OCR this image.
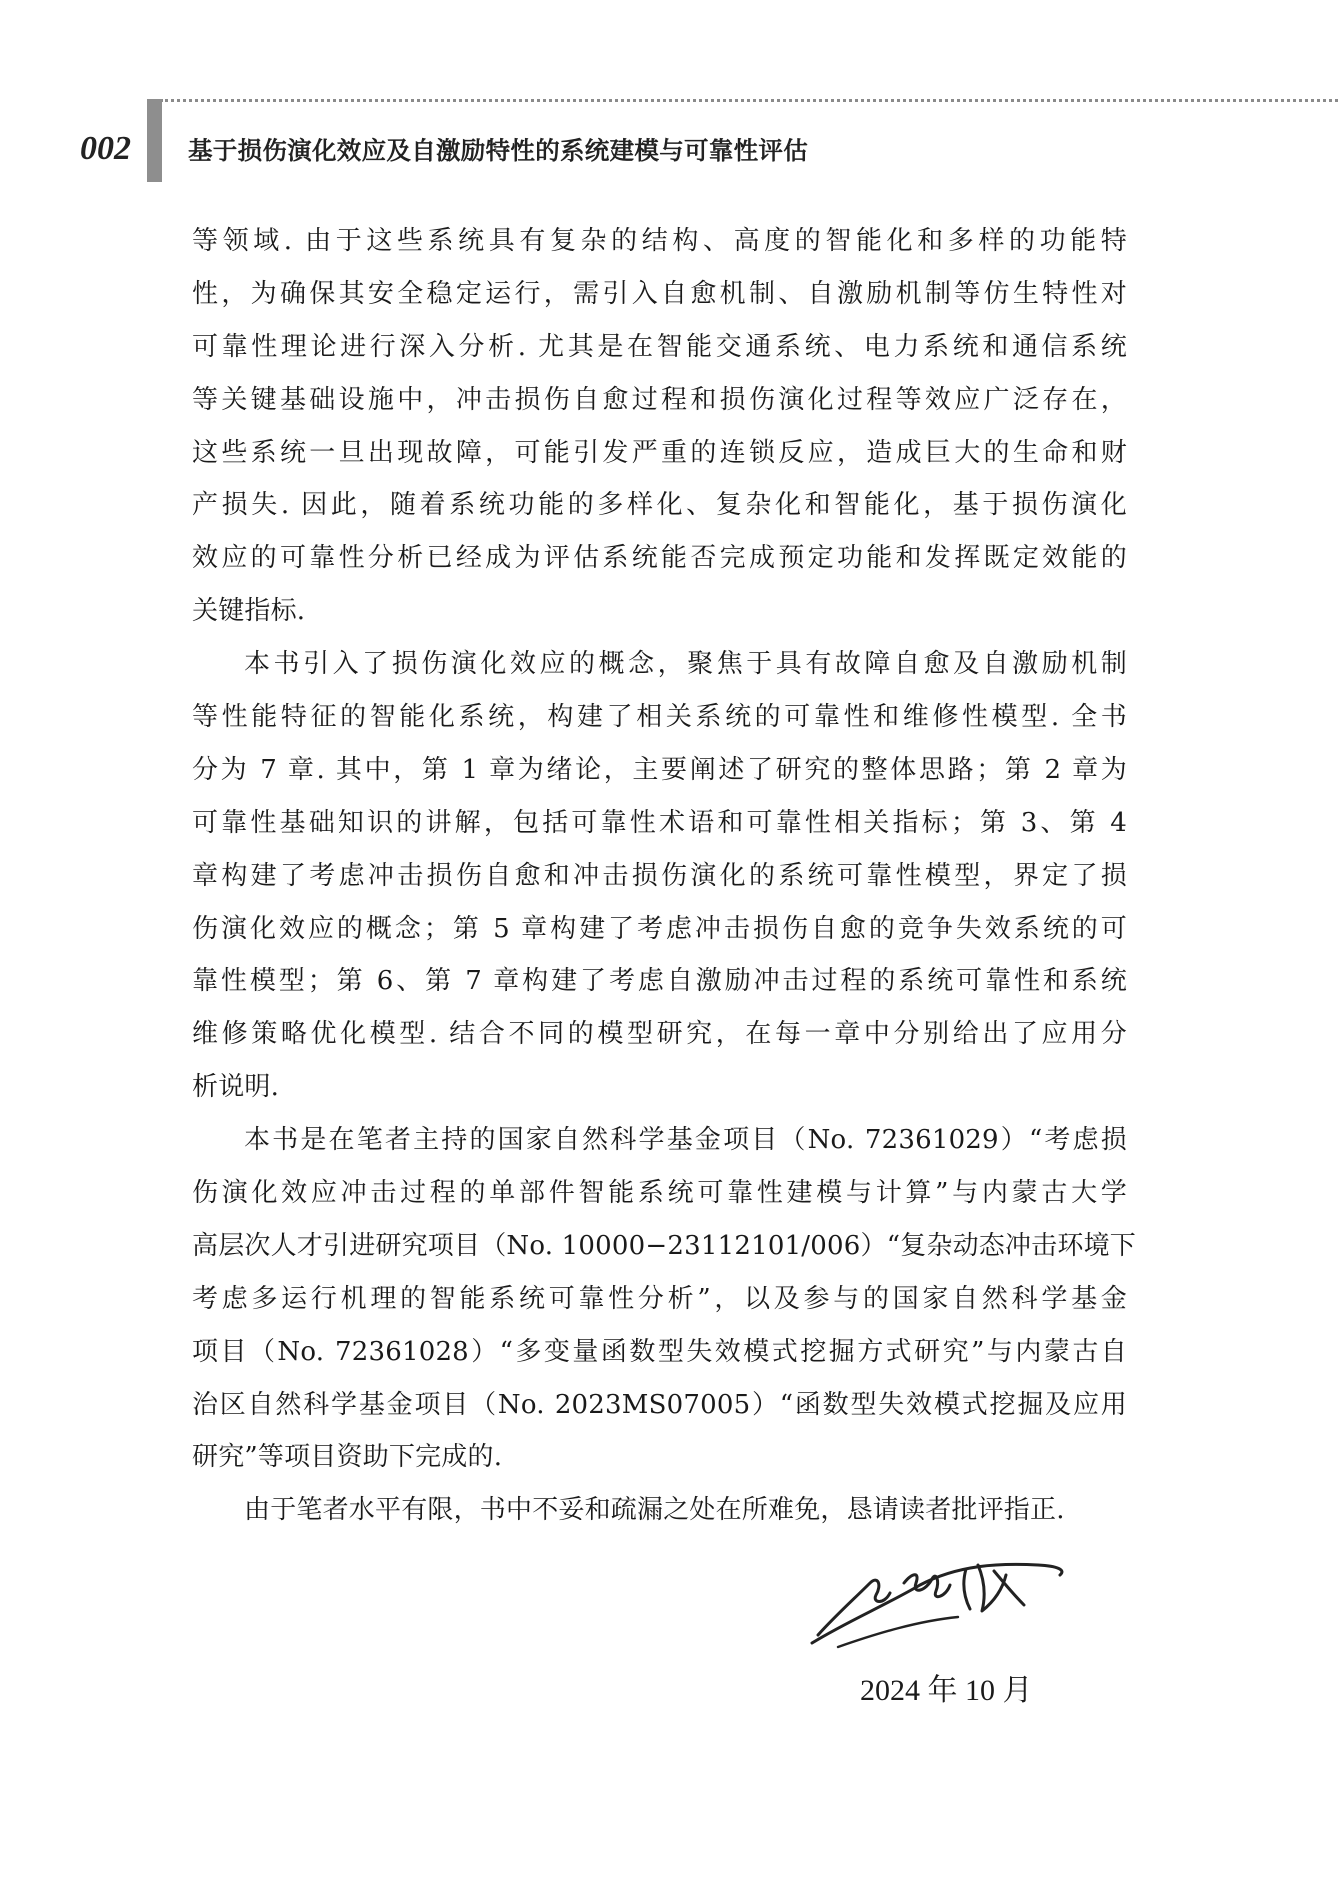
002 基于损伤演化效应及自激励特性的系统建模与可靠性评估
等领域. 由于这些系统具有复杂的结构、高度的智能化和多样的功能特
性，为确保其安全稳定运行，需引入自愈机制、自激励机制等仿生特性对
可靠性理论进行深入分析. 尤其是在智能交通系统、电力系统和通信系统
等关键基础设施中，冲击损伤自愈过程和损伤演化过程等效应广泛存在，
这些系统一旦出现故障，可能引发严重的连锁反应，造成巨大的生命和财
产损失. 因此，随着系统功能的多样化、复杂化和智能化，基于损伤演化
效应的可靠性分析已经成为评估系统能否完成预定功能和发挥既定效能的
关键指标.
本书引入了损伤演化效应的概念，聚焦于具有故障自愈及自激励机制
等性能特征的智能化系统，构建了相关系统的可靠性和维修性模型. 全书
分为 7 章. 其中，第 1 章为绪论，主要阐述了研究的整体思路；第 2 章为
可靠性基础知识的讲解，包括可靠性术语和可靠性相关指标；第 3、第 4
章构建了考虑冲击损伤自愈和冲击损伤演化的系统可靠性模型，界定了损
伤演化效应的概念；第 5 章构建了考虑冲击损伤自愈的竞争失效系统的可
靠性模型；第 6、第 7 章构建了考虑自激励冲击过程的系统可靠性和系统
维修策略优化模型. 结合不同的模型研究，在每一章中分别给出了应用分
析说明.
本书是在笔者主持的国家自然科学基金项目（No. 72361029）“考虑损
伤演化效应冲击过程的单部件智能系统可靠性建模与计算”与内蒙古大学
高层次人才引进研究项目（No. 10000−23112101/006）“复杂动态冲击环境下
考虑多运行机理的智能系统可靠性分析”，以及参与的国家自然科学基金
项目（No. 72361028）“多变量函数型失效模式挖掘方式研究”与内蒙古自
治区自然科学基金项目（No. 2023MS07005）“函数型失效模式挖掘及应用
研究”等项目资助下完成的.
由于笔者水平有限，书中不妥和疏漏之处在所难免，恳请读者批评指正.
2024 年 10 月
